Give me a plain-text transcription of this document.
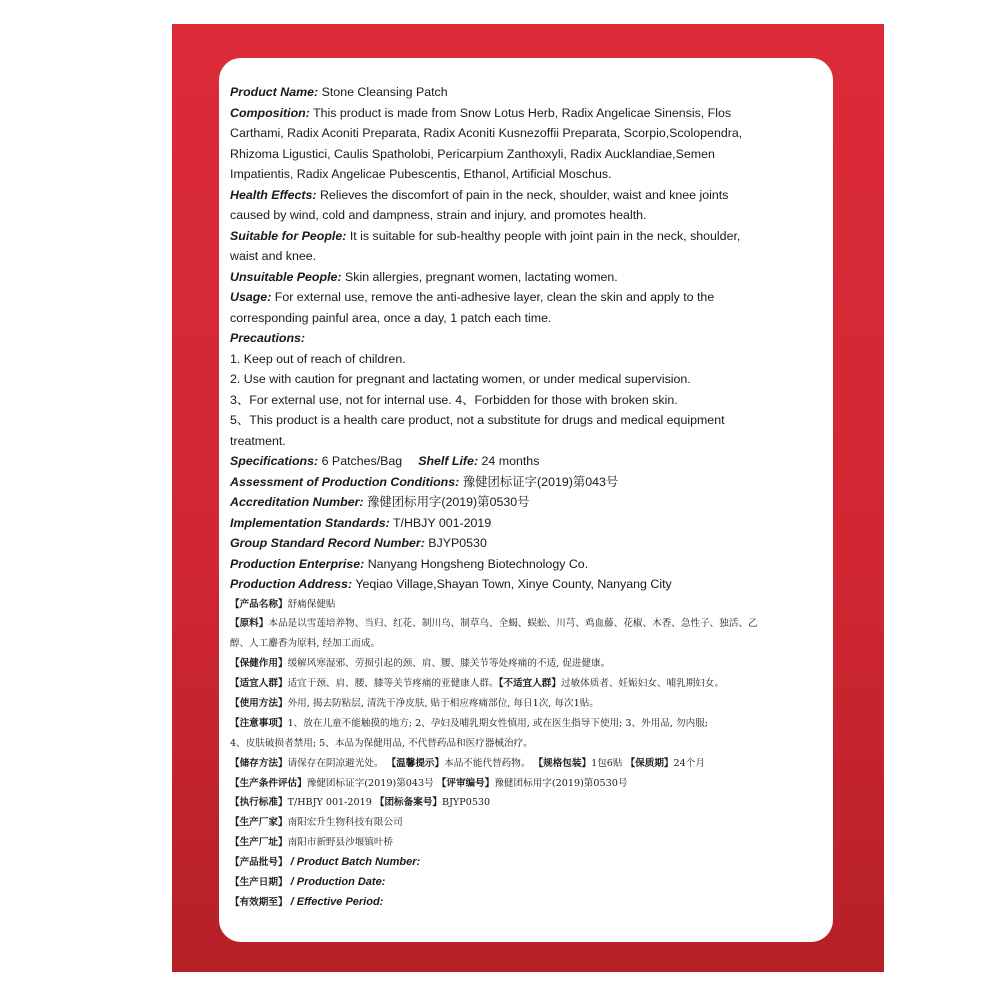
Product Name: Stone Cleansing Patch
Composition: This product is made from Snow Lotus Herb, Radix Angelicae Sinensis, Flos
Carthami, Radix Aconiti Preparata, Radix Aconiti Kusnezoffii Preparata, Scorpio,Scolopendra,
Rhizoma Ligustici, Caulis Spatholobi, Pericarpium Zanthoxyli, Radix Aucklandiae,Semen
Impatientis, Radix Angelicae Pubescentis, Ethanol, Artificial Moschus.
Health Effects: Relieves the discomfort of pain in the neck, shoulder, waist and knee joints
caused by wind, cold and dampness, strain and injury, and promotes health.
Suitable for People: It is suitable for sub-healthy people with joint pain in the neck, shoulder,
waist and knee.
Unsuitable People: Skin allergies, pregnant women, lactating women.
Usage: For external use, remove the anti-adhesive layer, clean the skin and apply to the
corresponding painful area, once a day, 1 patch each time.
Precautions:
1. Keep out of reach of children.
2. Use with caution for pregnant and lactating women, or under medical supervision.
3、For external use, not for internal use. 4、Forbidden for those with broken skin.
5、This product is a health care product, not a substitute for drugs and medical equipment
treatment.
Specifications: 6 Patches/Bag Shelf Life: 24 months
Assessment of Production Conditions: 豫健团标证字(2019)第043号
Accreditation Number: 豫健团标用字(2019)第0530号
Implementation Standards: T/HBJY 001-2019
Group Standard Record Number: BJYP0530
Production Enterprise: Nanyang Hongsheng Biotechnology Co.
Production Address: Yeqiao Village,Shayan Town, Xinye County, Nanyang City
【产品名称】舒痛保健贴
【原料】本品是以雪莲培养物、当归、红花、制川乌、制草乌、全蝎、蜈蚣、川芎、鸡血藤、花椒、木香、急性子、独活、乙
醇、人工麝香为原料, 经加工而成。
【保健作用】缓解风寒湿邪、劳损引起的颈、肩、腰、膝关节等处疼痛的不适, 促进健康。
【适宜人群】适宜于颈、肩、腰、膝等关节疼痛的亚健康人群。【不适宜人群】过敏体质者、妊娠妇女、哺乳期妇女。
【使用方法】外用, 揭去防粘层, 清洗干净皮肤, 贴于相应疼痛部位, 每日1次, 每次1贴。
【注意事项】1、放在儿童不能触摸的地方; 2、孕妇及哺乳期女性慎用, 或在医生指导下使用; 3、外用品, 勿内服;
4、皮肤破损者禁用; 5、本品为保健用品, 不代替药品和医疗器械治疗。
【储存方法】请保存在阴凉避光处。 【温馨提示】本品不能代替药物。 【规格包装】1包6贴 【保质期】24个月
【生产条件评估】豫健团标证字(2019)第043号 【评审编号】豫健团标用字(2019)第0530号
【执行标准】T/HBJY 001-2019 【团标备案号】BJYP0530
【生产厂家】南阳宏升生物科技有限公司
【生产厂址】南阳市新野县沙堰镇叶桥
【产品批号】 / Product Batch Number:
【生产日期】 / Production Date:
【有效期至】 / Effective Period:
